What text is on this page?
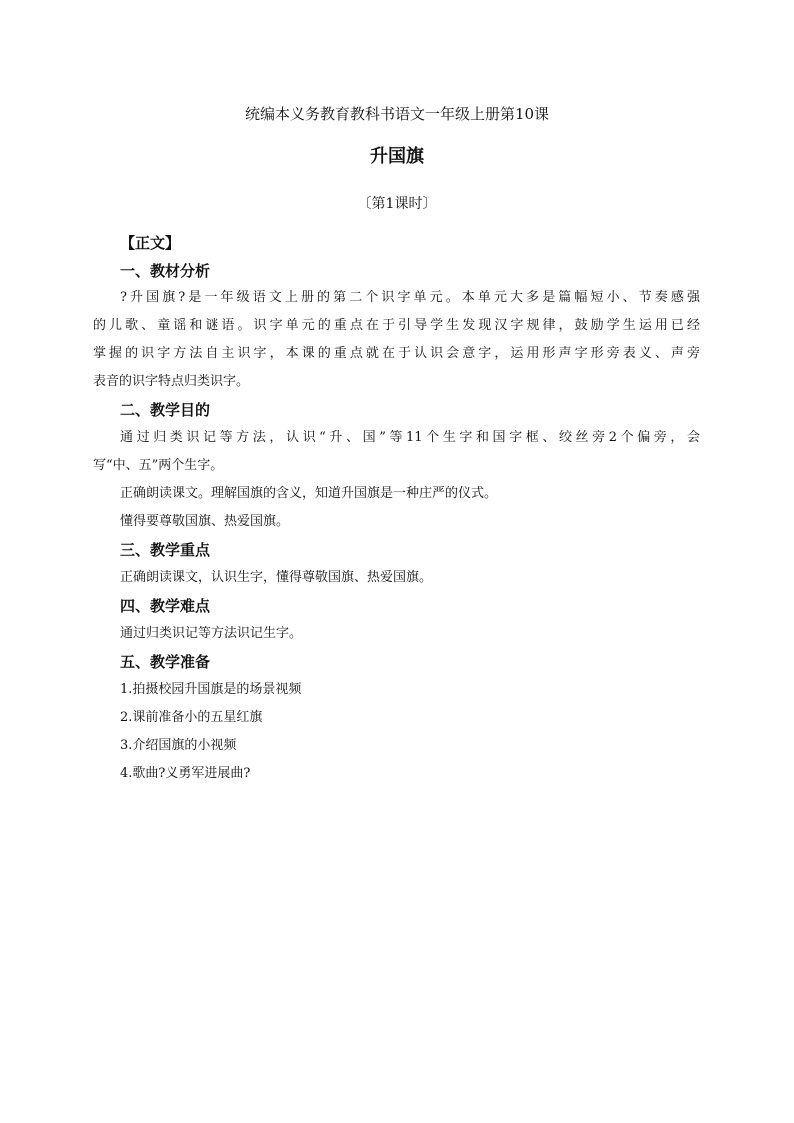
统编本义务教育教科书语文一年级上册第10课
升国旗
〔第1课时〕
【正文】
一、教材分析
?升国旗?是一年级语文上册的第二个识字单元。本单元大多是篇幅短小、节奏感强
的儿歌、童谣和谜语。识字单元的重点在于引导学生发现汉字规律，鼓励学生运用已经
掌握的识字方法自主识字，本课的重点就在于认识会意字，运用形声字形旁表义、声旁
表音的识字特点归类识字。
二、教学目的
通过归类识记等方法，认识“升、国”等11个生字和国字框、绞丝旁2个偏旁，会
写“中、五”两个生字。
正确朗读课文。理解国旗的含义，知道升国旗是一种庄严的仪式。
懂得要尊敬国旗、热爱国旗。
三、教学重点
正确朗读课文，认识生字，懂得尊敬国旗、热爱国旗。
四、教学难点
通过归类识记等方法识记生字。
五、教学准备
1.拍摄校园升国旗是的场景视频
2.课前准备小的五星红旗
3.介绍国旗的小视频
4.歌曲?义勇军进展曲?
